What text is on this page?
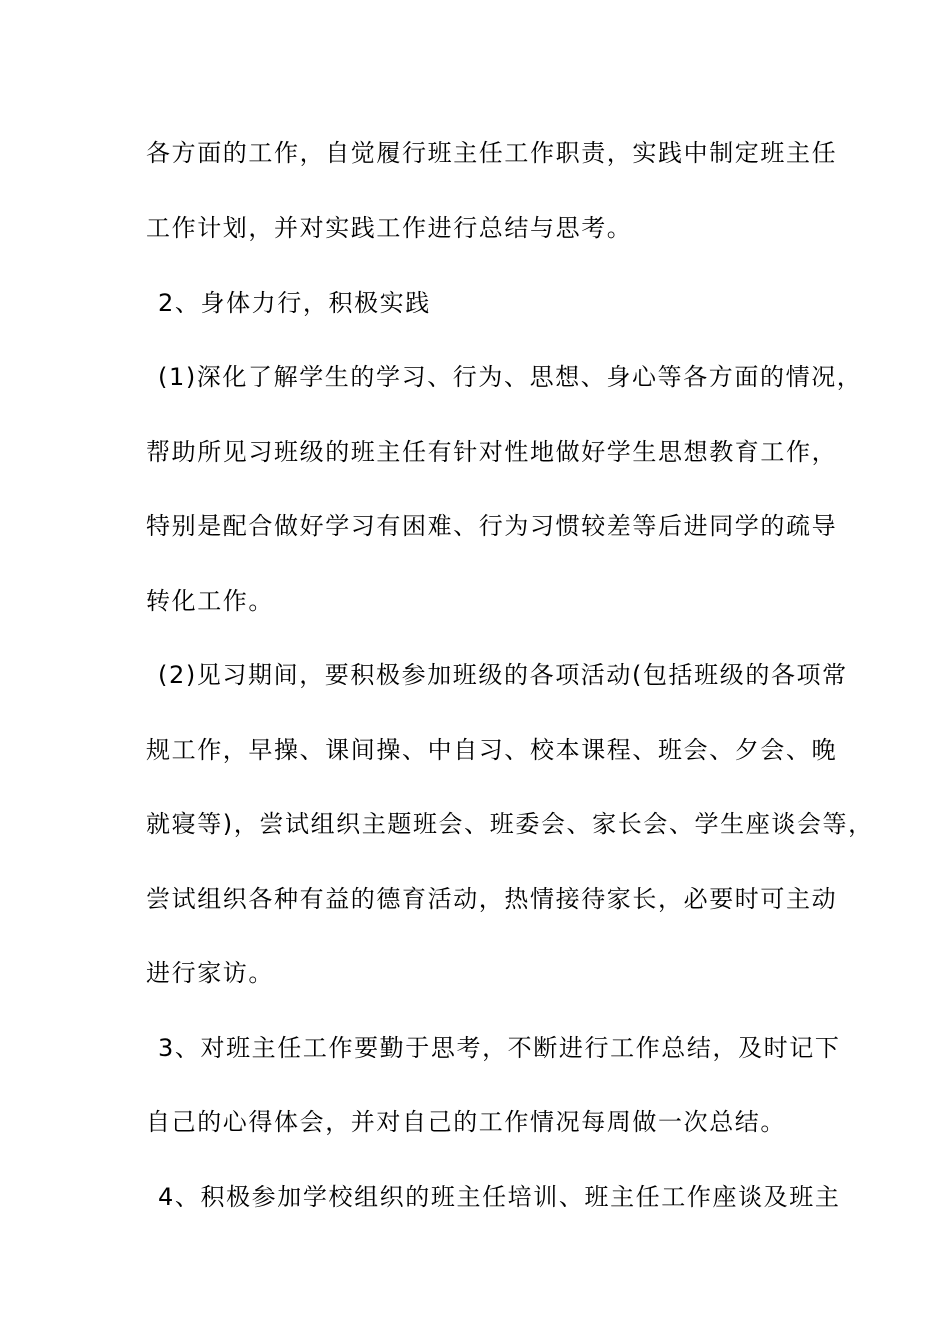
各方面的工作，自觉履行班主任工作职责，实践中制定班主任
工作计划，并对实践工作进行总结与思考。
2、身体力行，积极实践
(1)深化了解学生的学习、行为、思想、身心等各方面的情况，
帮助所见习班级的班主任有针对性地做好学生思想教育工作，
特别是配合做好学习有困难、行为习惯较差等后进同学的疏导
转化工作。
(2)见习期间，要积极参加班级的各项活动(包括班级的各项常
规工作，早操、课间操、中自习、校本课程、班会、夕会、晚
就寝等)，尝试组织主题班会、班委会、家长会、学生座谈会等，
尝试组织各种有益的德育活动，热情接待家长，必要时可主动
进行家访。
3、对班主任工作要勤于思考，不断进行工作总结，及时记下
自己的心得体会，并对自己的工作情况每周做一次总结。
4、积极参加学校组织的班主任培训、班主任工作座谈及班主
